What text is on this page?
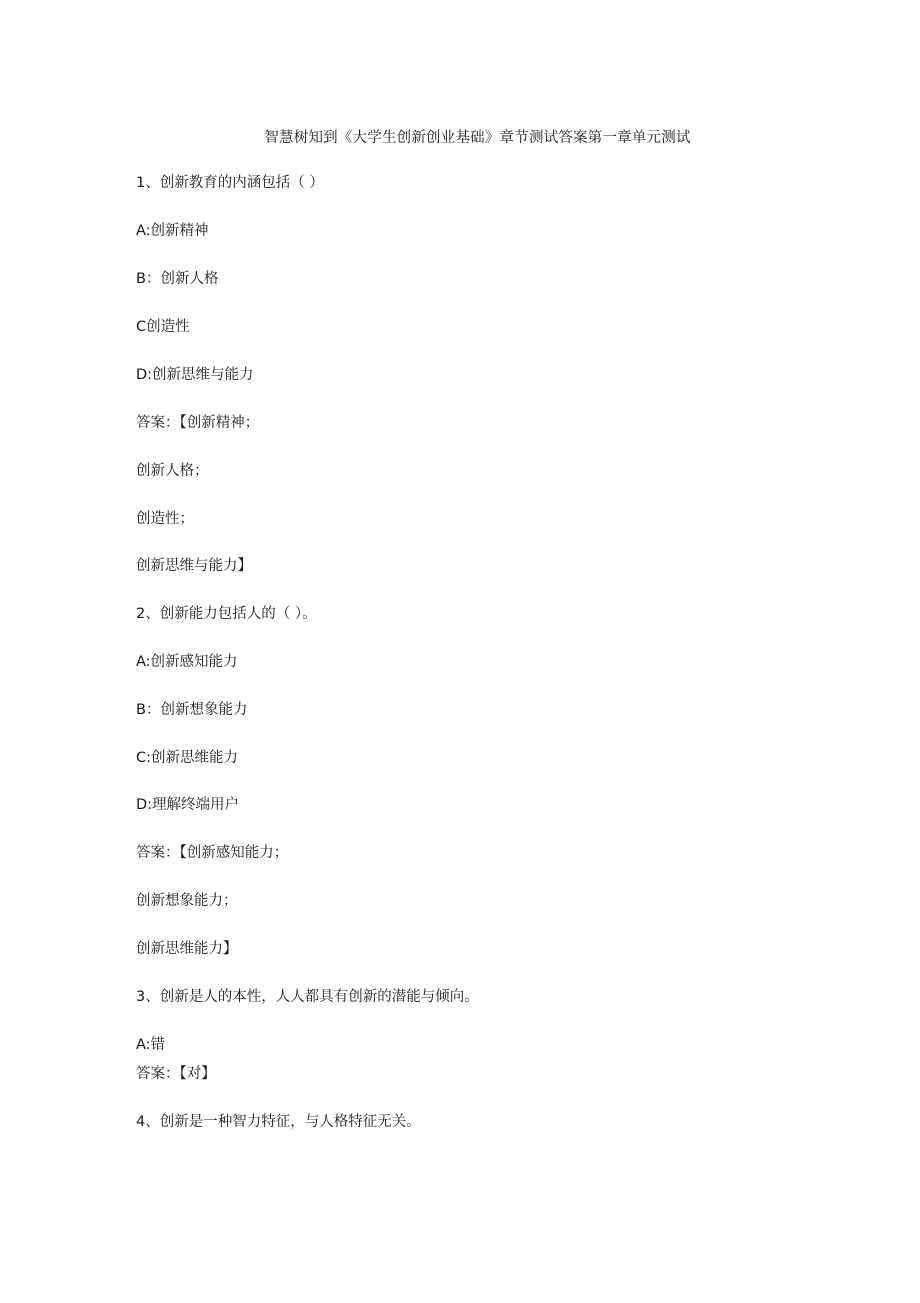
智慧树知到《大学生创新创业基础》章节测试答案第一章单元测试
1、创新教育的内涵包括（ ）
A:创新精神
B：创新人格
C创造性
D:创新思维与能力
答案：【创新精神；
创新人格；
创造性；
创新思维与能力】
2、创新能力包括人的（ ）。
A:创新感知能力
B：创新想象能力
C:创新思维能力
D:理解终端用户
答案：【创新感知能力；
创新想象能力；
创新思维能力】
3、创新是人的本性，人人都具有创新的潜能与倾向。
A:错
答案：【对】
4、创新是一种智力特征，与人格特征无关。
